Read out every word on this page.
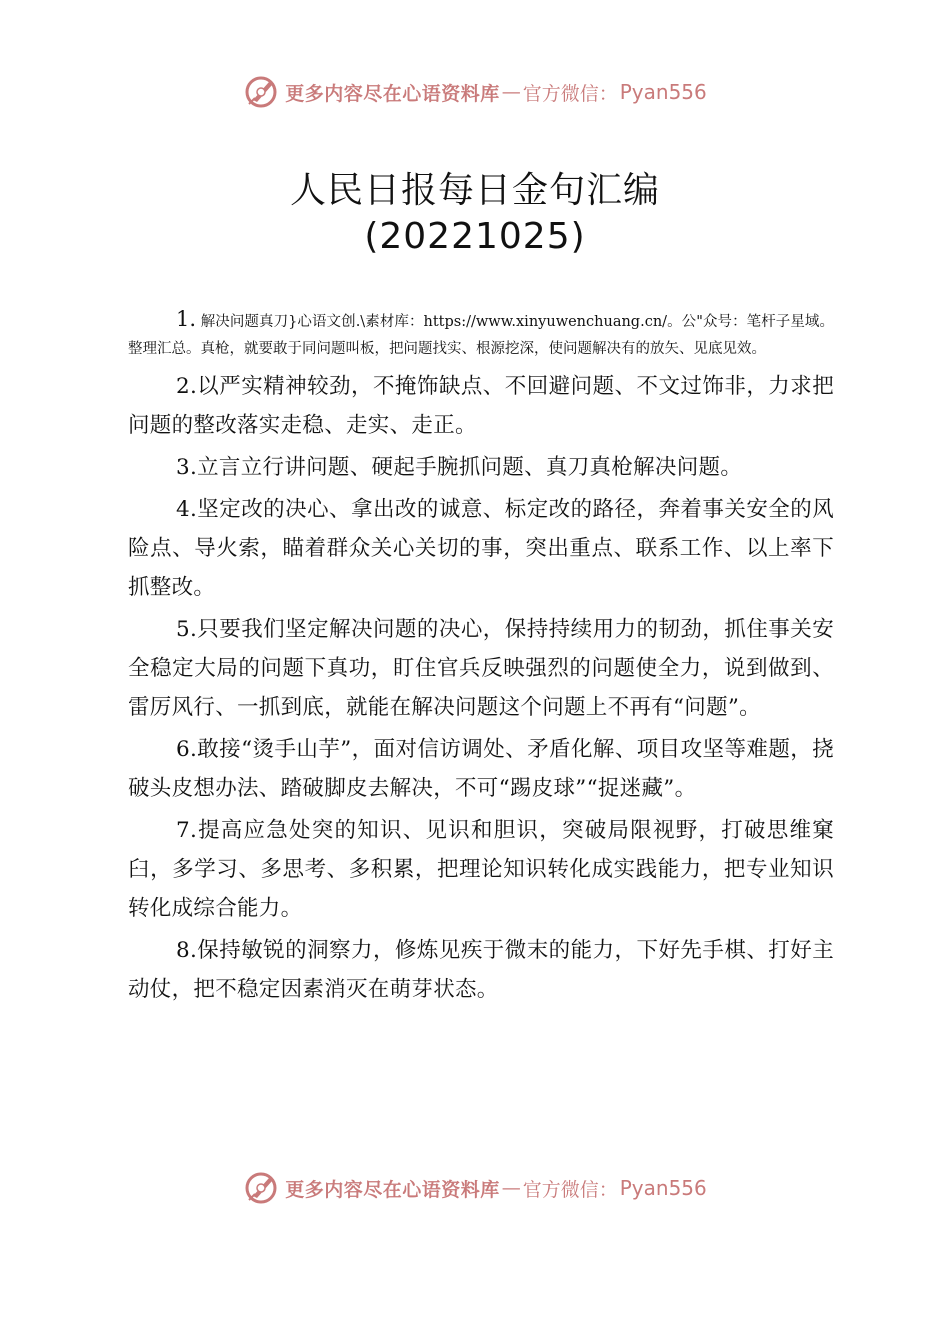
更多内容尽在心语资料库 — 官方微信： Pyan556
人民日报每日金句汇编
(20221025)

1. 解决问题真刀}心语文创.\素材库：https://www.xinyuwenchuang.cn/。公"众号：笔杆子星域。整理汇总。真枪，就要敢于同问题叫板，把问题找实、根源挖深，使问题解决有的放矢、见底见效。

2.以严实精神较劲，不掩饰缺点、不回避问题、不文过饰非，力求把问题的整改落实走稳、走实、走正。

3.立言立行讲问题、硬起手腕抓问题、真刀真枪解决问题。

4.坚定改的决心、拿出改的诚意、标定改的路径，奔着事关安全的风险点、导火索，瞄着群众关心关切的事，突出重点、联系工作、以上率下抓整改。

5.只要我们坚定解决问题的决心，保持持续用力的韧劲，抓住事关安全稳定大局的问题下真功，盯住官兵反映强烈的问题使全力，说到做到、雷厉风行、一抓到底，就能在解决问题这个问题上不再有“问题”。

6.敢接“烫手山芋”，面对信访调处、矛盾化解、项目攻坚等难题，挠破头皮想办法、踏破脚皮去解决，不可“踢皮球”“捉迷藏”。

7.提高应急处突的知识、见识和胆识，突破局限视野，打破思维窠臼，多学习、多思考、多积累，把理论知识转化成实践能力，把专业知识转化成综合能力。

8.保持敏锐的洞察力，修炼见疾于微末的能力，下好先手棋、打好主动仗，把不稳定因素消灭在萌芽状态。

更多内容尽在心语资料库 — 官方微信： Pyan556
